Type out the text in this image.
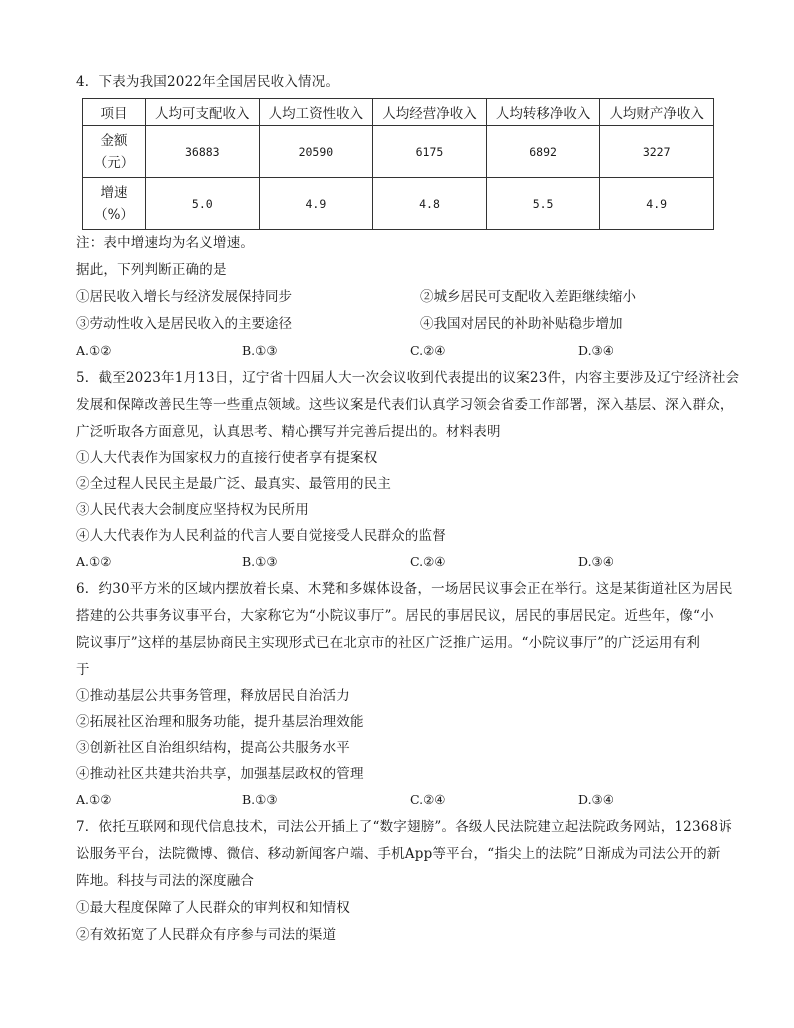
4．下表为我国2022年全国居民收入情况。
项目	人均可支配收入	人均工资性收入	人均经营净收入	人均转移净收入	人均财产净收入

金额
（元）	36883	20590	6175	6892	3227

增速
（%）	5.0	4.9	4.8	5.5	4.9
注：表中增速均为名义增速。
据此，下列判断正确的是
①居民收入增长与经济发展保持同步	②城乡居民可支配收入差距继续缩小
③劳动性收入是居民收入的主要途径	④我国对居民的补助补贴稳步增加
A.①②	B.①③	C.②④	D.③④
5．截至2023年1月13日，辽宁省十四届人大一次会议收到代表提出的议案23件，内容主要涉及辽宁经济社会
发展和保障改善民生等一些重点领域。这些议案是代表们认真学习领会省委工作部署，深入基层、深入群众，
广泛听取各方面意见，认真思考、精心撰写并完善后提出的。材料表明
①人大代表作为国家权力的直接行使者享有提案权
②全过程人民民主是最广泛、最真实、最管用的民主
③人民代表大会制度应坚持权为民所用
④人大代表作为人民利益的代言人要自觉接受人民群众的监督
A.①②	B.①③	C.②④	D.③④
6．约30平方米的区域内摆放着长桌、木凳和多媒体设备，一场居民议事会正在举行。这是某街道社区为居民
搭建的公共事务议事平台，大家称它为“小院议事厅”。居民的事居民议，居民的事居民定。近些年，像“小
院议事厅”这样的基层协商民主实现形式已在北京市的社区广泛推广运用。“小院议事厅”的广泛运用有利
于
①推动基层公共事务管理，释放居民自治活力
②拓展社区治理和服务功能，提升基层治理效能
③创新社区自治组织结构，提高公共服务水平
④推动社区共建共治共享，加强基层政权的管理
A.①②	B.①③	C.②④	D.③④
7．依托互联网和现代信息技术，司法公开插上了“数字翅膀”。各级人民法院建立起法院政务网站，12368诉
讼服务平台，法院微博、微信、移动新闻客户端、手机App等平台，“指尖上的法院”日渐成为司法公开的新
阵地。科技与司法的深度融合
①最大程度保障了人民群众的审判权和知情权
②有效拓宽了人民群众有序参与司法的渠道
